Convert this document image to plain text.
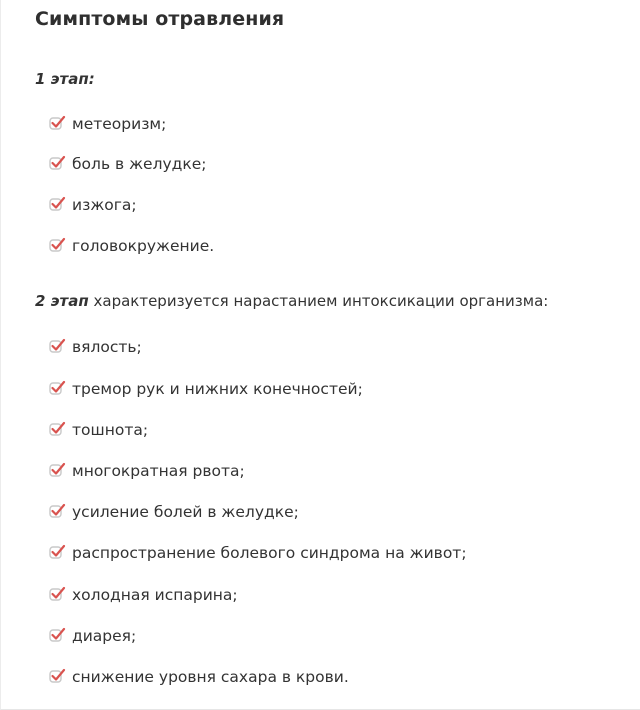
Симптомы отравления
1 этап:
метеоризм;
боль в желудке;
изжога;
головокружение.
2 этап характеризуется нарастанием интоксикации организма:
вялость;
тремор рук и нижних конечностей;
тошнота;
многократная рвота;
усиление болей в желудке;
распространение болевого синдрома на живот;
холодная испарина;
диарея;
снижение уровня сахара в крови.
